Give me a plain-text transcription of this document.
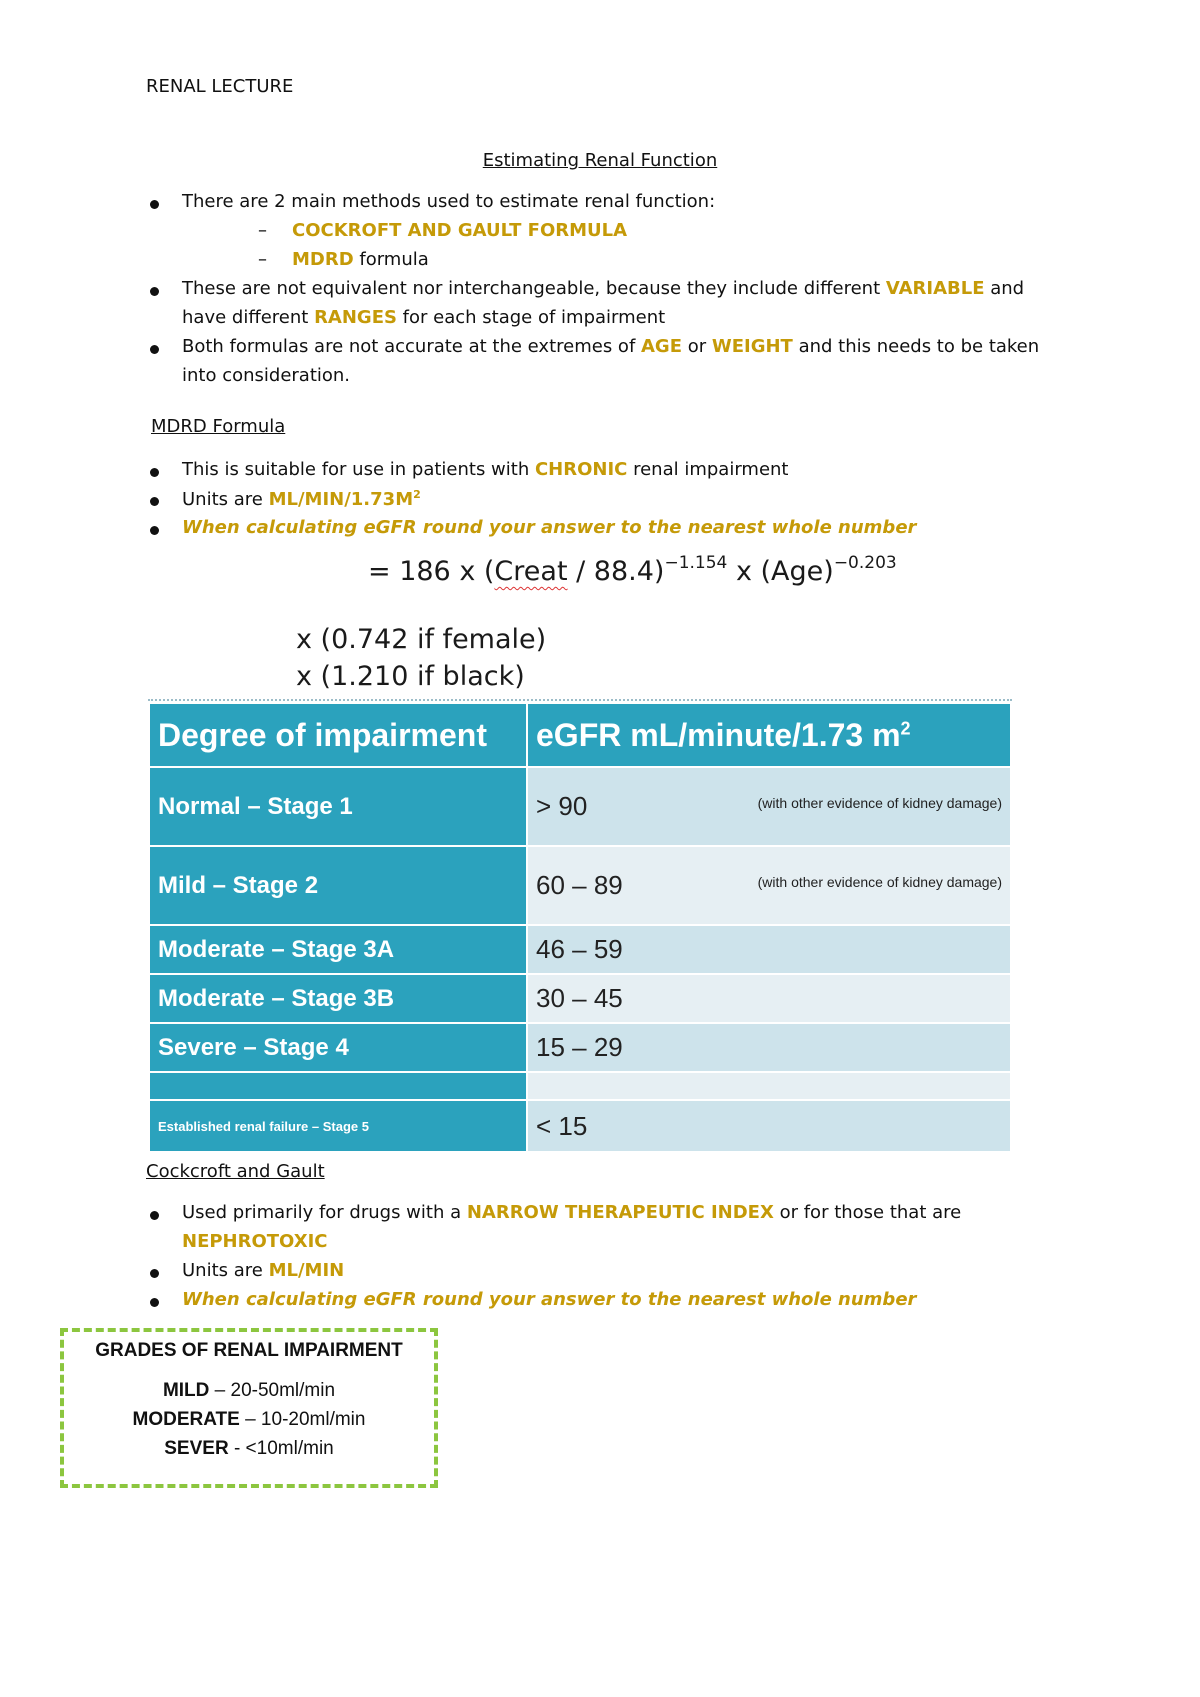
RENAL LECTURE
Estimating Renal Function
There are 2 main methods used to estimate renal function:
– COCKROFT AND GAULT FORMULA
– MDRD formula
These are not equivalent nor interchangeable, because they include different VARIABLE and
have different RANGES for each stage of impairment
Both formulas are not accurate at the extremes of AGE or WEIGHT and this needs to be taken
into consideration.
MDRD Formula
This is suitable for use in patients with CHRONIC renal impairment
Units are $ML/MIN/1.73M^2$
When calculating eGFR round your answer to the nearest whole number
= 186 x (Creat / 88.4)$^{-1.154}$ x (Age)$^{-0.203}$
x (0.742 if female)
x (1.210 if black)
Degree of impairment	eGFR mL/minute/1.73 $m^2$
Normal – Stage 1	> 90 (with other evidence of kidney damage)

Mild – Stage 2	60 – 89 (with other evidence of kidney damage)

Moderate – Stage 3A	46 – 59
Moderate – Stage 3B	30 – 45
Severe – Stage 4	15 – 29

Established renal failure – Stage 5	< 15
Cockcroft and Gault
Used primarily for drugs with a NARROW THERAPEUTIC INDEX or for those that are
NEPHROTOXIC
Units are ML/MIN
When calculating eGFR round your answer to the nearest whole number
GRADES OF RENAL IMPAIRMENT
MILD – 20-50ml/min
MODERATE – 10-20ml/min
SEVER - <10ml/min
